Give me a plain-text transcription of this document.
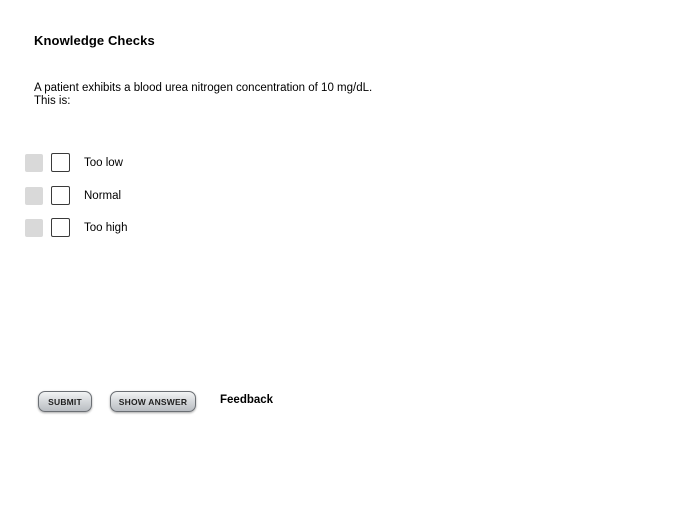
Knowledge Checks
A patient exhibits a blood urea nitrogen concentration of 10 mg/dL.
This is:
Too low
Normal
Too high
SUBMIT	SHOW ANSWER	Feedback
